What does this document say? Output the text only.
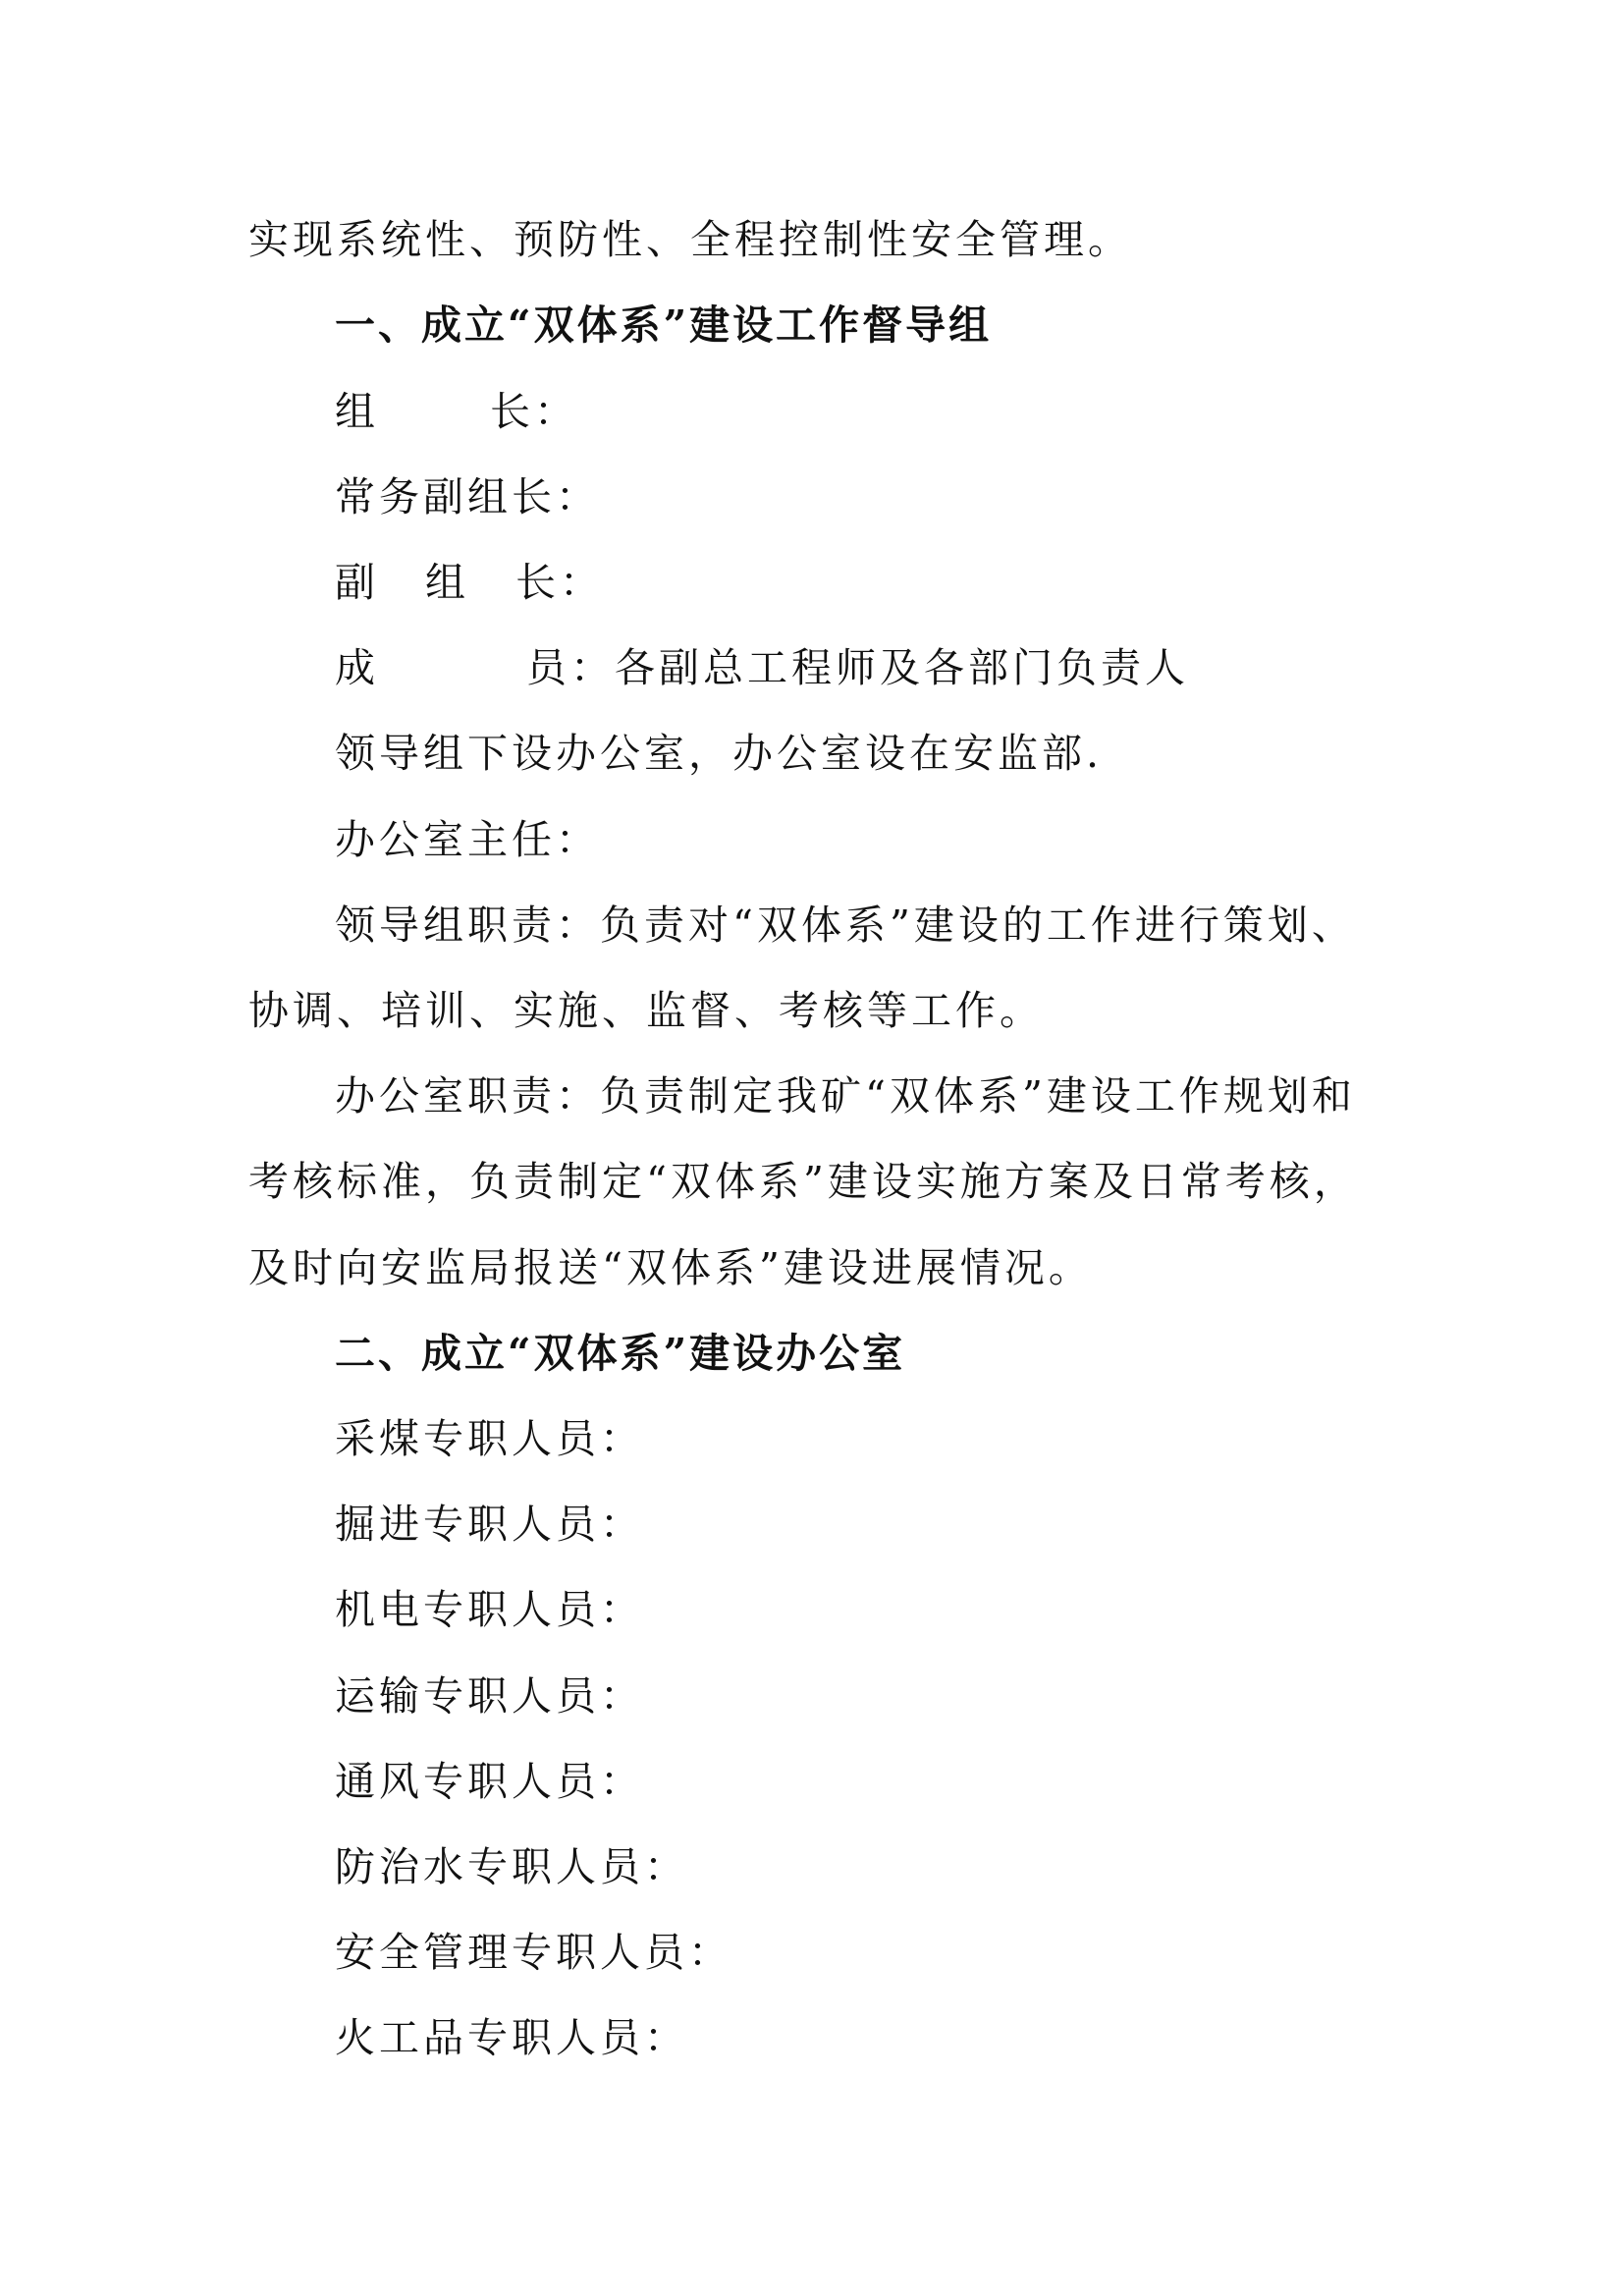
实现系统性、预防性、全程控制性安全管理。
一、成立“双体系”建设工作督导组
组	长：
常务副组长：
副 组 长：
成	员：各副总工程师及各部门负责人
领导组下设办公室，办公室设在安监部.
办公室主任：
领导组职责：负责对“双体系”建设的工作进行策划、
协调、培训、实施、监督、考核等工作。
办公室职责：负责制定我矿“双体系”建设工作规划和
考核标准，负责制定“双体系”建设实施方案及日常考核，
及时向安监局报送“双体系”建设进展情况。
二、成立“双体系”建设办公室
采煤专职人员：
掘进专职人员：
机电专职人员：
运输专职人员：
通风专职人员：
防治水专职人员：
安全管理专职人员：
火工品专职人员：
